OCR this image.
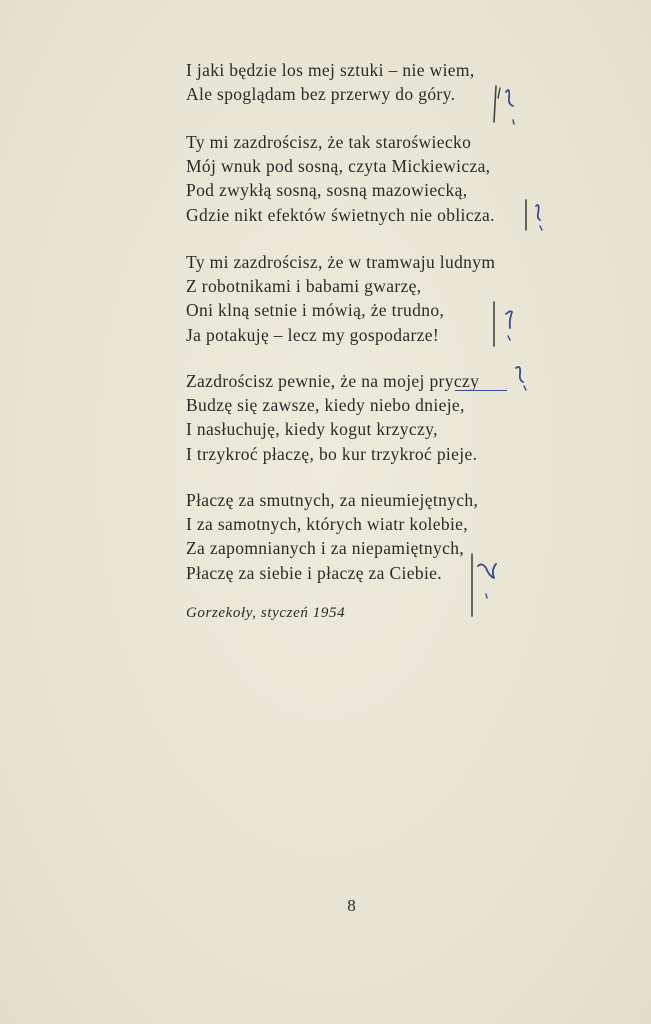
I jaki będzie los mej sztuki – nie wiem,
Ale spoglądam bez przerwy do góry.
Ty mi zazdrościsz, że tak staroświecko
Mój wnuk pod sosną, czyta Mickiewicza,
Pod zwykłą sosną, sosną mazowiecką,
Gdzie nikt efektów świetnych nie oblicza.
Ty mi zazdrościsz, że w tramwaju ludnym
Z robotnikami i babami gwarzę,
Oni klną setnie i mówią, że trudno,
Ja potakuję – lecz my gospodarze!
Zazdrościsz pewnie, że na mojej pryczy
Budzę się zawsze, kiedy niebo dnieje,
I nasłuchuję, kiedy kogut krzyczy,
I trzykroć płaczę, bo kur trzykroć pieje.
Płaczę za smutnych, za nieumiejętnych,
I za samotnych, których wiatr kolebie,
Za zapomnianych i za niepamiętnych,
Płaczę za siebie i płaczę za Ciebie.
Gorzekoły, styczeń 1954
8
